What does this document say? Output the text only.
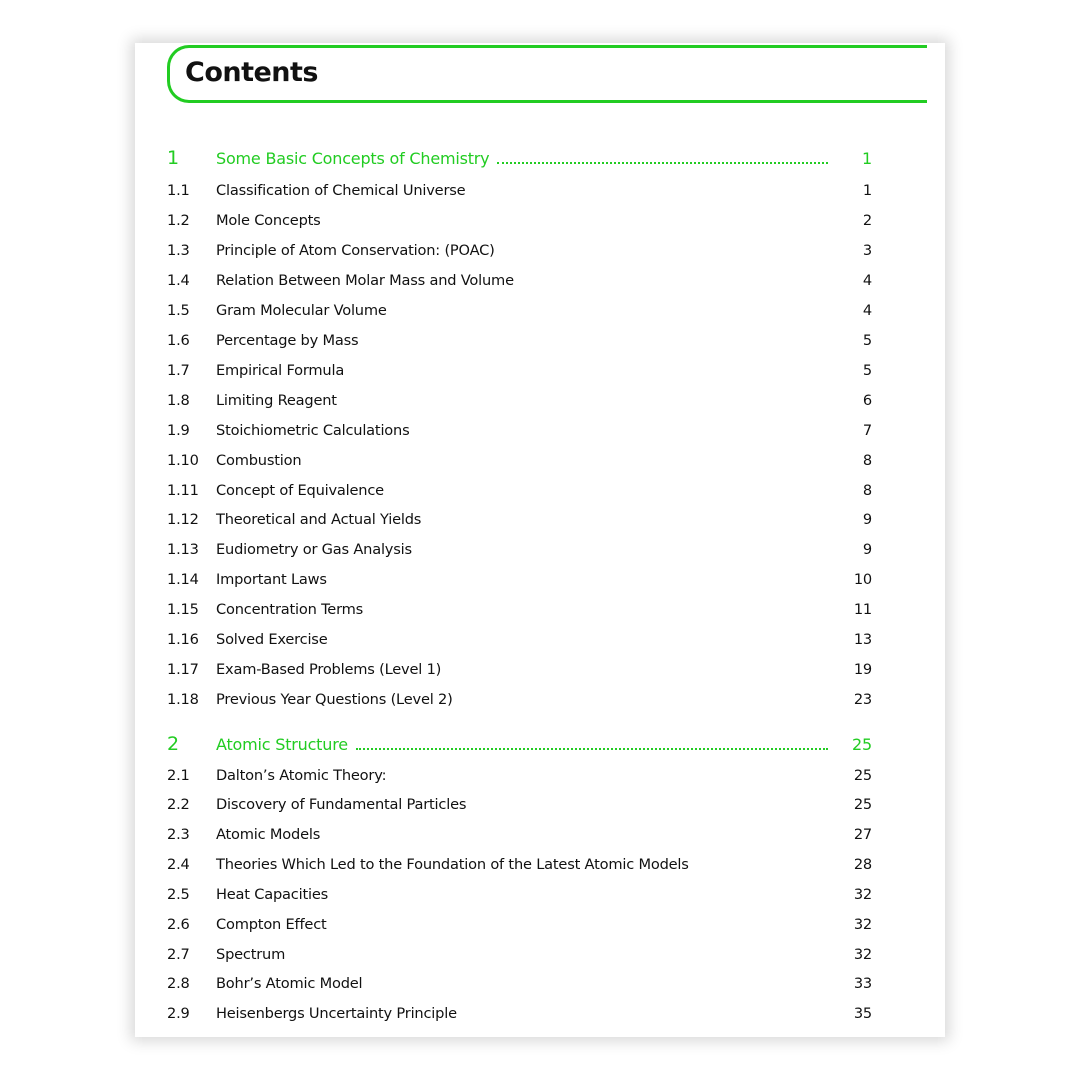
Contents
1	Some Basic Concepts of Chemistry	1
1.1	Classification of Chemical Universe	1
1.2	Mole Concepts	2
1.3	Principle of Atom Conservation: (POAC)	3
1.4	Relation Between Molar Mass and Volume	4
1.5	Gram Molecular Volume	4
1.6	Percentage by Mass	5
1.7	Empirical Formula	5
1.8	Limiting Reagent	6
1.9	Stoichiometric Calculations	7
1.10	Combustion	8
1.11	Concept of Equivalence	8
1.12	Theoretical and Actual Yields	9
1.13	Eudiometry or Gas Analysis	9
1.14	Important Laws	10
1.15	Concentration Terms	11
1.16	Solved Exercise	13
1.17	Exam-Based Problems (Level 1)	19
1.18	Previous Year Questions (Level 2)	23
2	Atomic Structure	25
2.1	Dalton’s Atomic Theory:	25
2.2	Discovery of Fundamental Particles	25
2.3	Atomic Models	27
2.4	Theories Which Led to the Foundation of the Latest Atomic Models	28
2.5	Heat Capacities	32
2.6	Compton Effect	32
2.7	Spectrum	32
2.8	Bohr’s Atomic Model	33
2.9	Heisenbergs Uncertainty Principle	35
